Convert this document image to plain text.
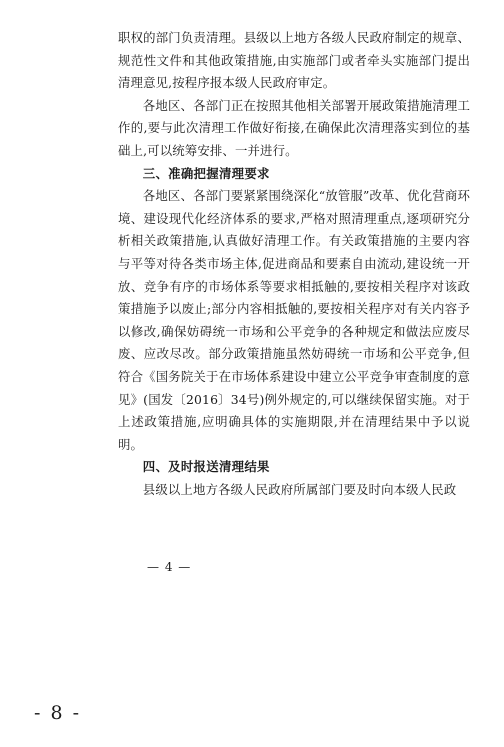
职权的部门负责清理。县级以上地方各级人民政府制定的规章、规范性文件和其他政策措施,由实施部门或者牵头实施部门提出清理意见,按程序报本级人民政府审定。

各地区、各部门正在按照其他相关部署开展政策措施清理工作的,要与此次清理工作做好衔接,在确保此次清理落实到位的基础上,可以统筹安排、一并进行。

三、准确把握清理要求

各地区、各部门要紧紧围绕深化“放管服”改革、优化营商环境、建设现代化经济体系的要求,严格对照清理重点,逐项研究分析相关政策措施,认真做好清理工作。有关政策措施的主要内容与平等对待各类市场主体,促进商品和要素自由流动,建设统一开放、竞争有序的市场体系等要求相抵触的,要按相关程序对该政策措施予以废止;部分内容相抵触的,要按相关程序对有关内容予以修改,确保妨碍统一市场和公平竞争的各种规定和做法应废尽废、应改尽改。部分政策措施虽然妨碍统一市场和公平竞争,但符合《国务院关于在市场体系建设中建立公平竞争审查制度的意见》(国发〔2016〕34号)例外规定的,可以继续保留实施。对于上述政策措施,应明确具体的实施期限,并在清理结果中予以说明。

四、及时报送清理结果

县级以上地方各级人民政府所属部门要及时向本级人民政

— 4 —
- 8 -
